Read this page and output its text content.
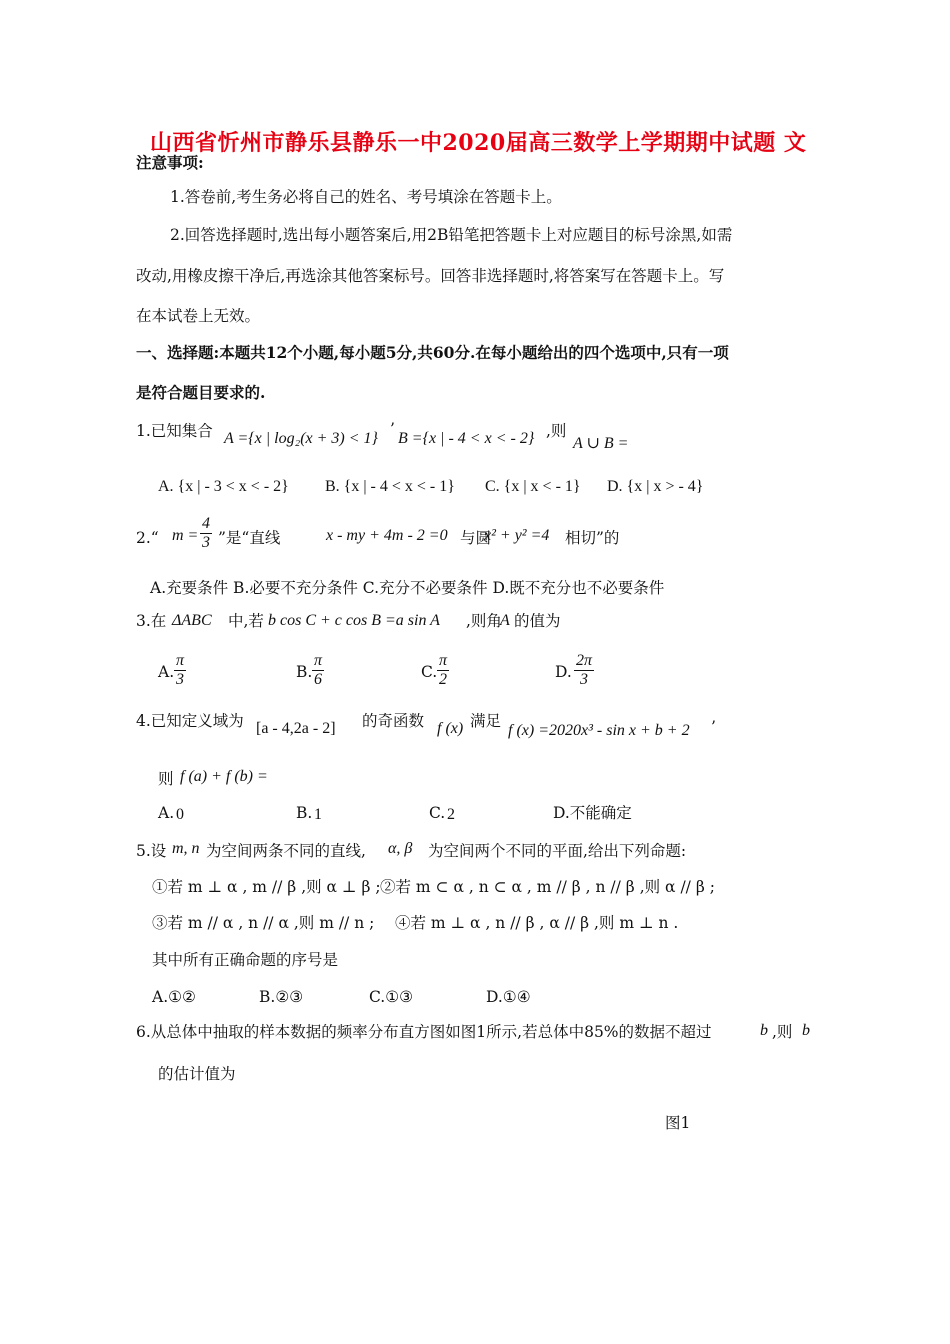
山西省忻州市静乐县静乐一中2020届高三数学上学期期中试题 文
注意事项:
1.答卷前,考生务必将自己的姓名、考号填涂在答题卡上。
2.回答选择题时,选出每小题答案后,用2B铅笔把答题卡上对应题目的标号涂黑,如需
改动,用橡皮擦干净后,再选涂其他答案标号。回答非选择题时,将答案写在答题卡上。写
在本试卷上无效。
一、选择题:本题共12个小题,每小题5分,共60分.在每小题给出的四个选项中,只有一项
是符合题目要求的.
1.已知集合 A ={x | log₂(x + 3) < 1}
’
B ={x | - 4 < x < - 2} ,则
A ∪ B =
A. {x | - 3 < x < - 2} B. {x | - 4 < x < - 1} C. {x | x < - 1} D. {x | x > - 4}
2.“ $m = \frac{4}{3}$ ”是“直线	x - my + 4m - 2 =0 与圆
x² + y² =4 相切”的
A.充要条件 B.必要不充分条件 C.充分不必要条件 D.既不充分也不必要条件
3.在 ΔABC 中,若 b cos C + c cos B =a sin A ,则角
A 的值为
A. $\frac{\pi}{3}$	B. $\frac{\pi}{6}$	C. $\frac{\pi}{2}$	D. $\frac{2\pi}{3}$
4.已知定义域为 [a - 4,2a - 2] 的奇函数 f (x) 满足
f (x) =2020x³ - sin x + b + 2 ’
则 f (a) + f (b) =
A. 0	B. 1	C. 2	D.不能确定
5.设 m, n 为空间两条不同的直线, α, β 为空间两个不同的平面,给出下列命题:
①若 m ⊥ α , m // β ,则 α ⊥ β ; ②若 m ⊂ α , n ⊂ α , m // β , n // β ,则 α // β ;
③若 m // α , n // α ,则 m // n ; ④若 m ⊥ α , n // β , α // β ,则 m ⊥ n .
其中所有正确命题的序号是
A.①②	B.②③	C.①③	D.①④
6.从总体中抽取的样本数据的频率分布直方图如图1所示,若总体中85%的数据不超过	b ,则 b
的估计值为
图1
